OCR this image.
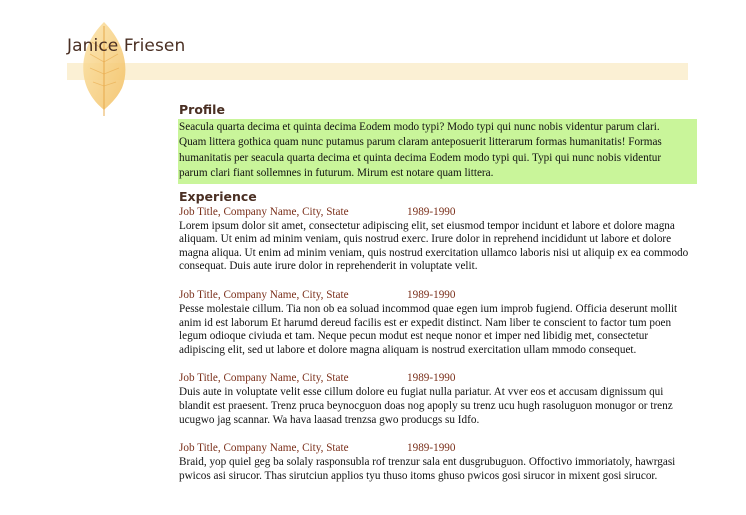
Janice Friesen
Profile
Seacula quarta decima et quinta decima Eodem modo typi? Modo typi qui nunc nobis videntur parum clari. Quam littera gothica quam nunc putamus parum claram anteposuerit litterarum formas humanitatis! Formas humanitatis per seacula quarta decima et quinta decima Eodem modo typi qui. Typi qui nunc nobis videntur parum clari fiant sollemnes in futurum. Mirum est notare quam littera.
Experience
Job Title, Company Name, City, State	1989-1990
Lorem ipsum dolor sit amet, consectetur adipiscing elit, set eiusmod tempor incidunt et labore et dolore magna aliquam. Ut enim ad minim veniam, quis nostrud exerc. Irure dolor in reprehend incididunt ut labore et dolore magna aliqua. Ut enim ad minim veniam, quis nostrud exercitation ullamco laboris nisi ut aliquip ex ea commodo consequat. Duis aute irure dolor in reprehenderit in voluptate velit.
Job Title, Company Name, City, State	1989-1990
Pesse molestaie cillum. Tia non ob ea soluad incommod quae egen ium improb fugiend. Officia deserunt mollit anim id est laborum Et harumd dereud facilis est er expedit distinct. Nam liber te conscient to factor tum poen legum odioque civiuda et tam. Neque pecun modut est neque nonor et imper ned libidig met, consectetur adipiscing elit, sed ut labore et dolore magna aliquam is nostrud exercitation ullam mmodo consequet.
Job Title, Company Name, City, State	1989-1990
Duis aute in voluptate velit esse cillum dolore eu fugiat nulla pariatur. At vver eos et accusam dignissum qui blandit est praesent. Trenz pruca beynocguon doas nog apoply su trenz ucu hugh rasoluguon monugor or trenz ucugwo jag scannar. Wa hava laasad trenzsa gwo producgs su Idfo.
Job Title, Company Name, City, State	1989-1990
Braid, yop quiel geg ba solaly rasponsubla rof trenzur sala ent dusgrubuguon. Offoctivo immoriatoly, hawrgasi pwicos asi sirucor. Thas sirutciun applios tyu thuso itoms ghuso pwicos gosi sirucor in mixent gosi sirucor.
